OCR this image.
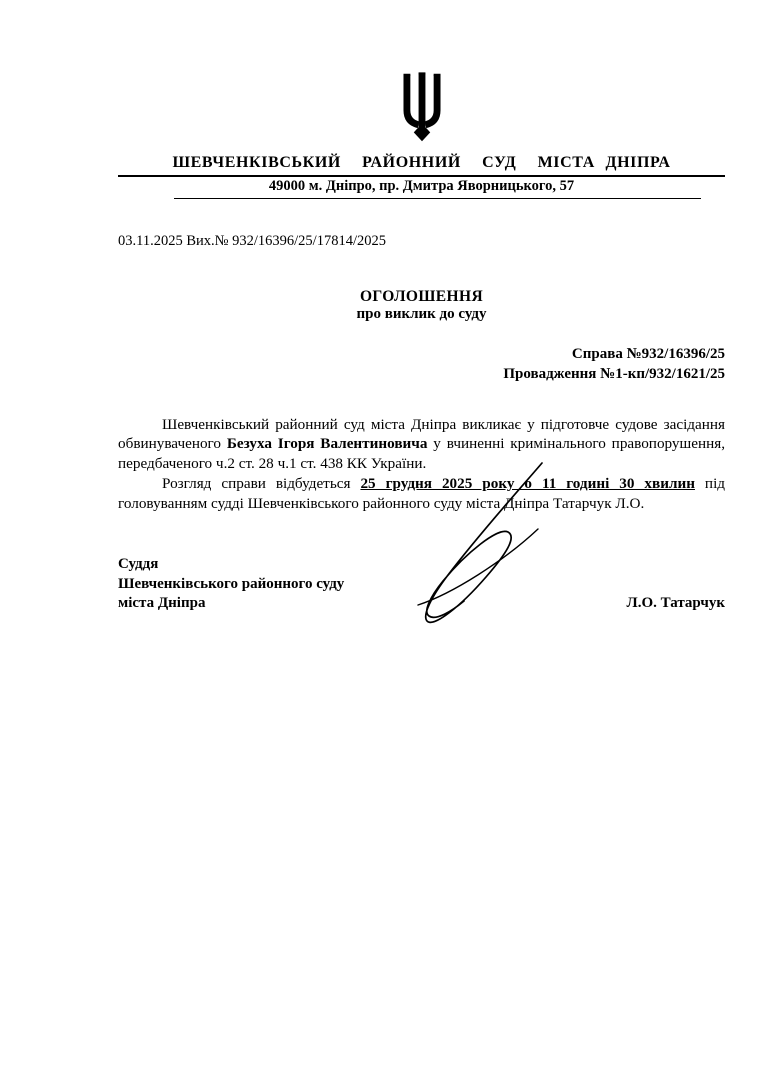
ШЕВЧЕНКІВСЬКИЙ  РАЙОННИЙ  СУД  МІСТА ДНІПРА
49000 м. Дніпро, пр. Дмитра Яворницького, 57
03.11.2025 Вих.№ 932/16396/25/17814/2025
ОГОЛОШЕННЯ
про виклик до суду
Справа №932/16396/25
Провадження №1-кп/932/1621/25

Шевченківський районний суд міста Дніпра викликає у підготовче судове засідання обвинуваченого Безуха Ігоря Валентиновича у вчиненні кримінального правопорушення, передбаченого ч.2 ст. 28 ч.1 ст. 438 КК України.

Розгляд справи відбудеться 25 грудня 2025 року о 11 годині 30 хвилин під головуванням судді Шевченківського районного суду міста Дніпра Татарчук Л.О.

Суддя
Шевченківського районного суду
міста Дніпра	Л.О. Татарчук
